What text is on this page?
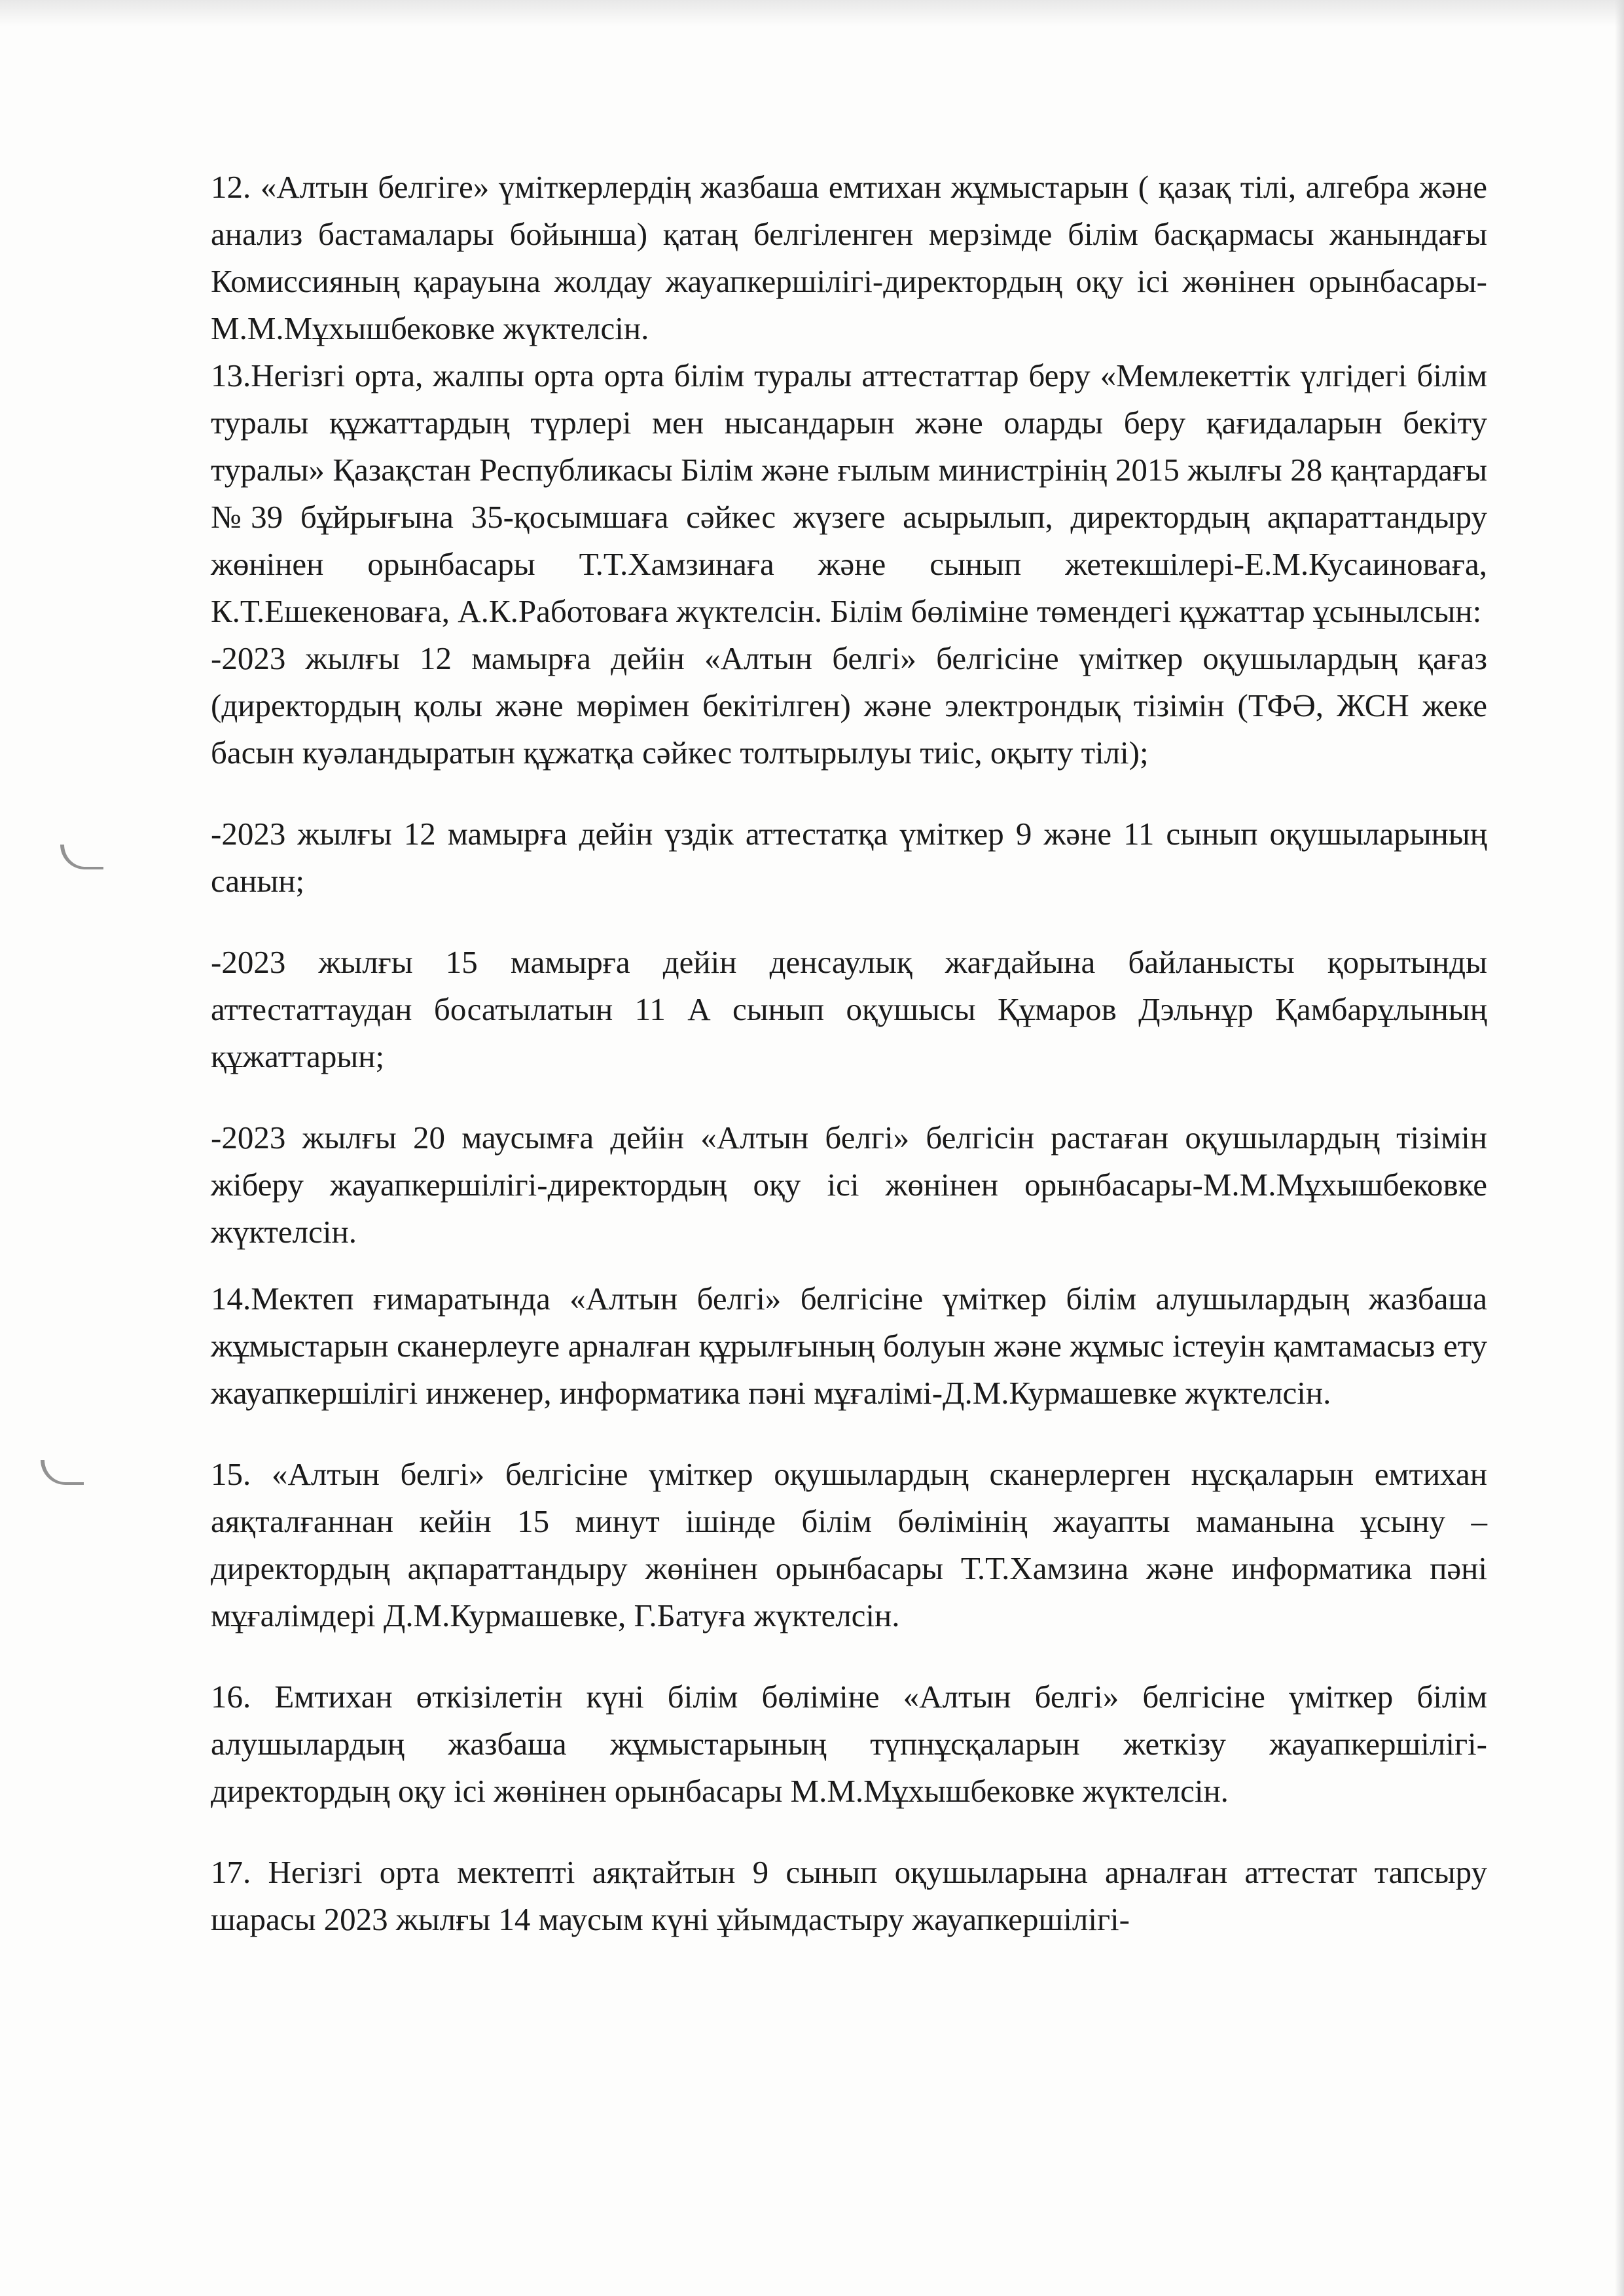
12. «Алтын белгіге» үміткерлердің жазбаша емтихан жұмыстарын ( қазақ тілі, алгебра және анализ бастамалары бойынша) қатаң белгіленген мерзімде білім басқармасы жанындағы Комиссияның қарауына жолдау жауапкершілігі-директордың оқу ісі жөнінен орынбасары-М.М.Мұхышбековке жүктелсін.

13.Негізгі орта, жалпы орта орта білім туралы аттестаттар беру «Мемлекеттік үлгідегі білім туралы құжаттардың түрлері мен нысандарын және оларды беру қағидаларын бекіту туралы» Қазақстан Республикасы Білім және ғылым министрінің 2015 жылғы 28 қаңтардағы №39 бұйрығына 35-қосымшаға сәйкес жүзеге асырылып, директордың ақпараттандыру жөнінен орынбасары Т.Т.Хамзинаға және сынып жетекшілері-Е.М.Кусаиноваға, К.Т.Ешекеноваға, А.К.Работоваға жүктелсін. Білім бөліміне төмендегі құжаттар ұсынылсын:

-2023 жылғы 12 мамырға дейін «Алтын белгі» белгісіне үміткер оқушылардың қағаз (директордың қолы және мөрімен бекітілген) және электрондық тізімін (ТФӘ, ЖСН жеке басын куәландыратын құжатқа сәйкес толтырылуы тиіс, оқыту тілі);

-2023 жылғы 12 мамырға дейін үздік аттестатқа үміткер 9 және 11 сынып оқушыларының санын;

-2023 жылғы 15 мамырға дейін денсаулық жағдайына байланысты қорытынды аттестаттаудан босатылатын 11 А сынып оқушысы Құмаров Дэльнұр Қамбарұлының құжаттарын;

-2023 жылғы 20 маусымға дейін «Алтын белгі» белгісін растаған оқушылардың тізімін жіберу жауапкершілігі-директордың оқу ісі жөнінен орынбасары-М.М.Мұхышбековке жүктелсін.

14.Мектеп ғимаратында «Алтын белгі» белгісіне үміткер білім алушылардың жазбаша жұмыстарын сканерлеуге арналған құрылғының болуын және жұмыс істеуін қамтамасыз ету жауапкершілігі инженер, информатика пәні мұғалімі-Д.М.Курмашевке жүктелсін.

15. «Алтын белгі» белгісіне үміткер оқушылардың сканерлерген нұсқаларын емтихан аяқталғаннан кейін 15 минут ішінде білім бөлімінің жауапты маманына ұсыну –директордың ақпараттандыру жөнінен орынбасары Т.Т.Хамзина және информатика пәні мұғалімдері Д.М.Курмашевке, Г.Батуға жүктелсін.

16. Емтихан өткізілетін күні білім бөліміне «Алтын белгі» белгісіне үміткер білім алушылардың жазбаша жұмыстарының түпнұсқаларын жеткізу жауапкершілігі-директордың оқу ісі жөнінен орынбасары М.М.Мұхышбековке жүктелсін.

17. Негізгі орта мектепті аяқтайтын 9 сынып оқушыларына арналған аттестат тапсыру шарасы 2023 жылғы 14 маусым күні ұйымдастыру жауапкершілігі-
